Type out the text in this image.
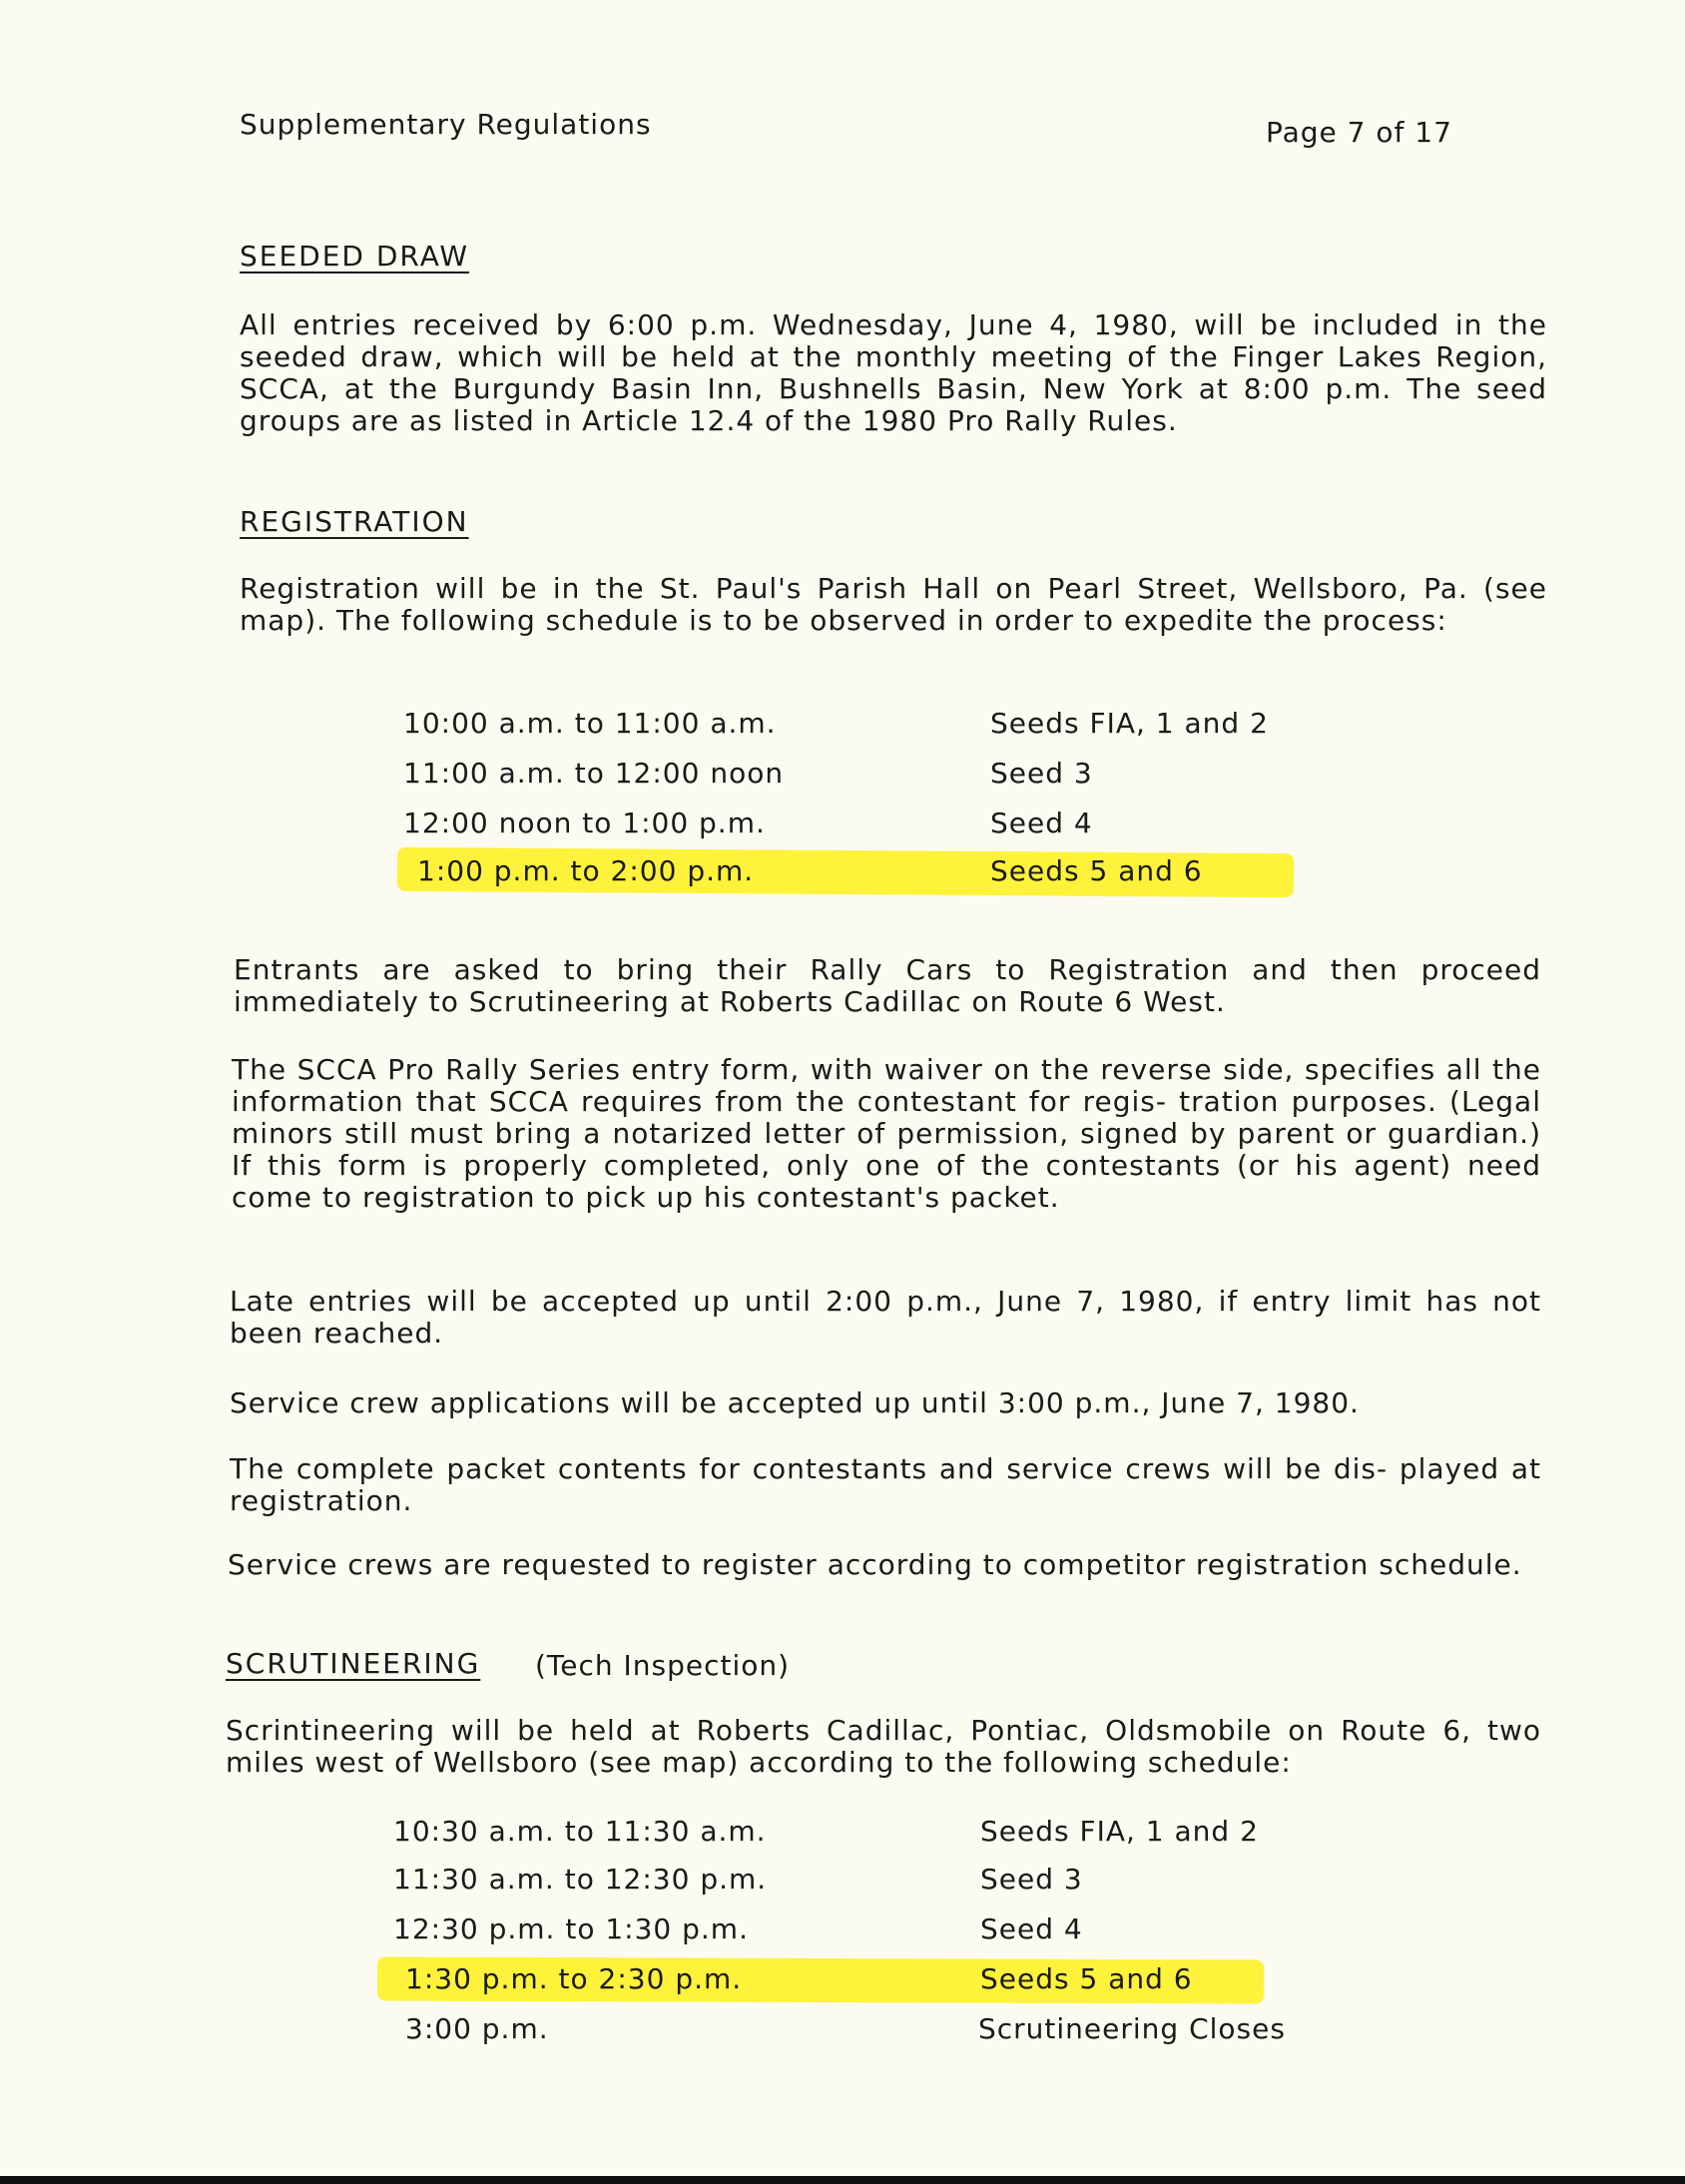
Supplementary Regulations	Page 7 of 17
SEEDED DRAW
All entries received by 6:00 p.m. Wednesday, June 4, 1980, will be included in the seeded draw, which will be held at the monthly meeting of the Finger Lakes Region, SCCA, at the Burgundy Basin Inn, Bushnells Basin, New York at 8:00 p.m. The seed groups are as listed in Article 12.4 of the 1980 Pro Rally Rules.
REGISTRATION
Registration will be in the St. Paul's Parish Hall on Pearl Street, Wellsboro, Pa. (see map). The following schedule is to be observed in order to expedite the process:
10:00 a.m. to 11:00 a.m.	Seeds FIA, 1 and 2
11:00 a.m. to 12:00 noon	Seed 3
12:00 noon to 1:00 p.m.	Seed 4
1:00 p.m. to 2:00 p.m.	Seeds 5 and 6
Entrants are asked to bring their Rally Cars to Registration and then proceed immediately to Scrutineering at Roberts Cadillac on Route 6 West.
The SCCA Pro Rally Series entry form, with waiver on the reverse side, specifies all the information that SCCA requires from the contestant for regis- tration purposes. (Legal minors still must bring a notarized letter of permission, signed by parent or guardian.) If this form is properly completed, only one of the contestants (or his agent) need come to registration to pick up his contestant's packet.
Late entries will be accepted up until 2:00 p.m., June 7, 1980, if entry limit has not been reached.
Service crew applications will be accepted up until 3:00 p.m., June 7, 1980.
The complete packet contents for contestants and service crews will be dis- played at registration.
Service crews are requested to register according to competitor registration schedule.
SCRUTINEERING (Tech Inspection)
Scrintineering will be held at Roberts Cadillac, Pontiac, Oldsmobile on Route 6, two miles west of Wellsboro (see map) according to the following schedule:
10:30 a.m. to 11:30 a.m.	Seeds FIA, 1 and 2
11:30 a.m. to 12:30 p.m.	Seed 3
12:30 p.m. to 1:30 p.m.	Seed 4
1:30 p.m. to 2:30 p.m.	Seeds 5 and 6
3:00 p.m.	Scrutineering Closes
